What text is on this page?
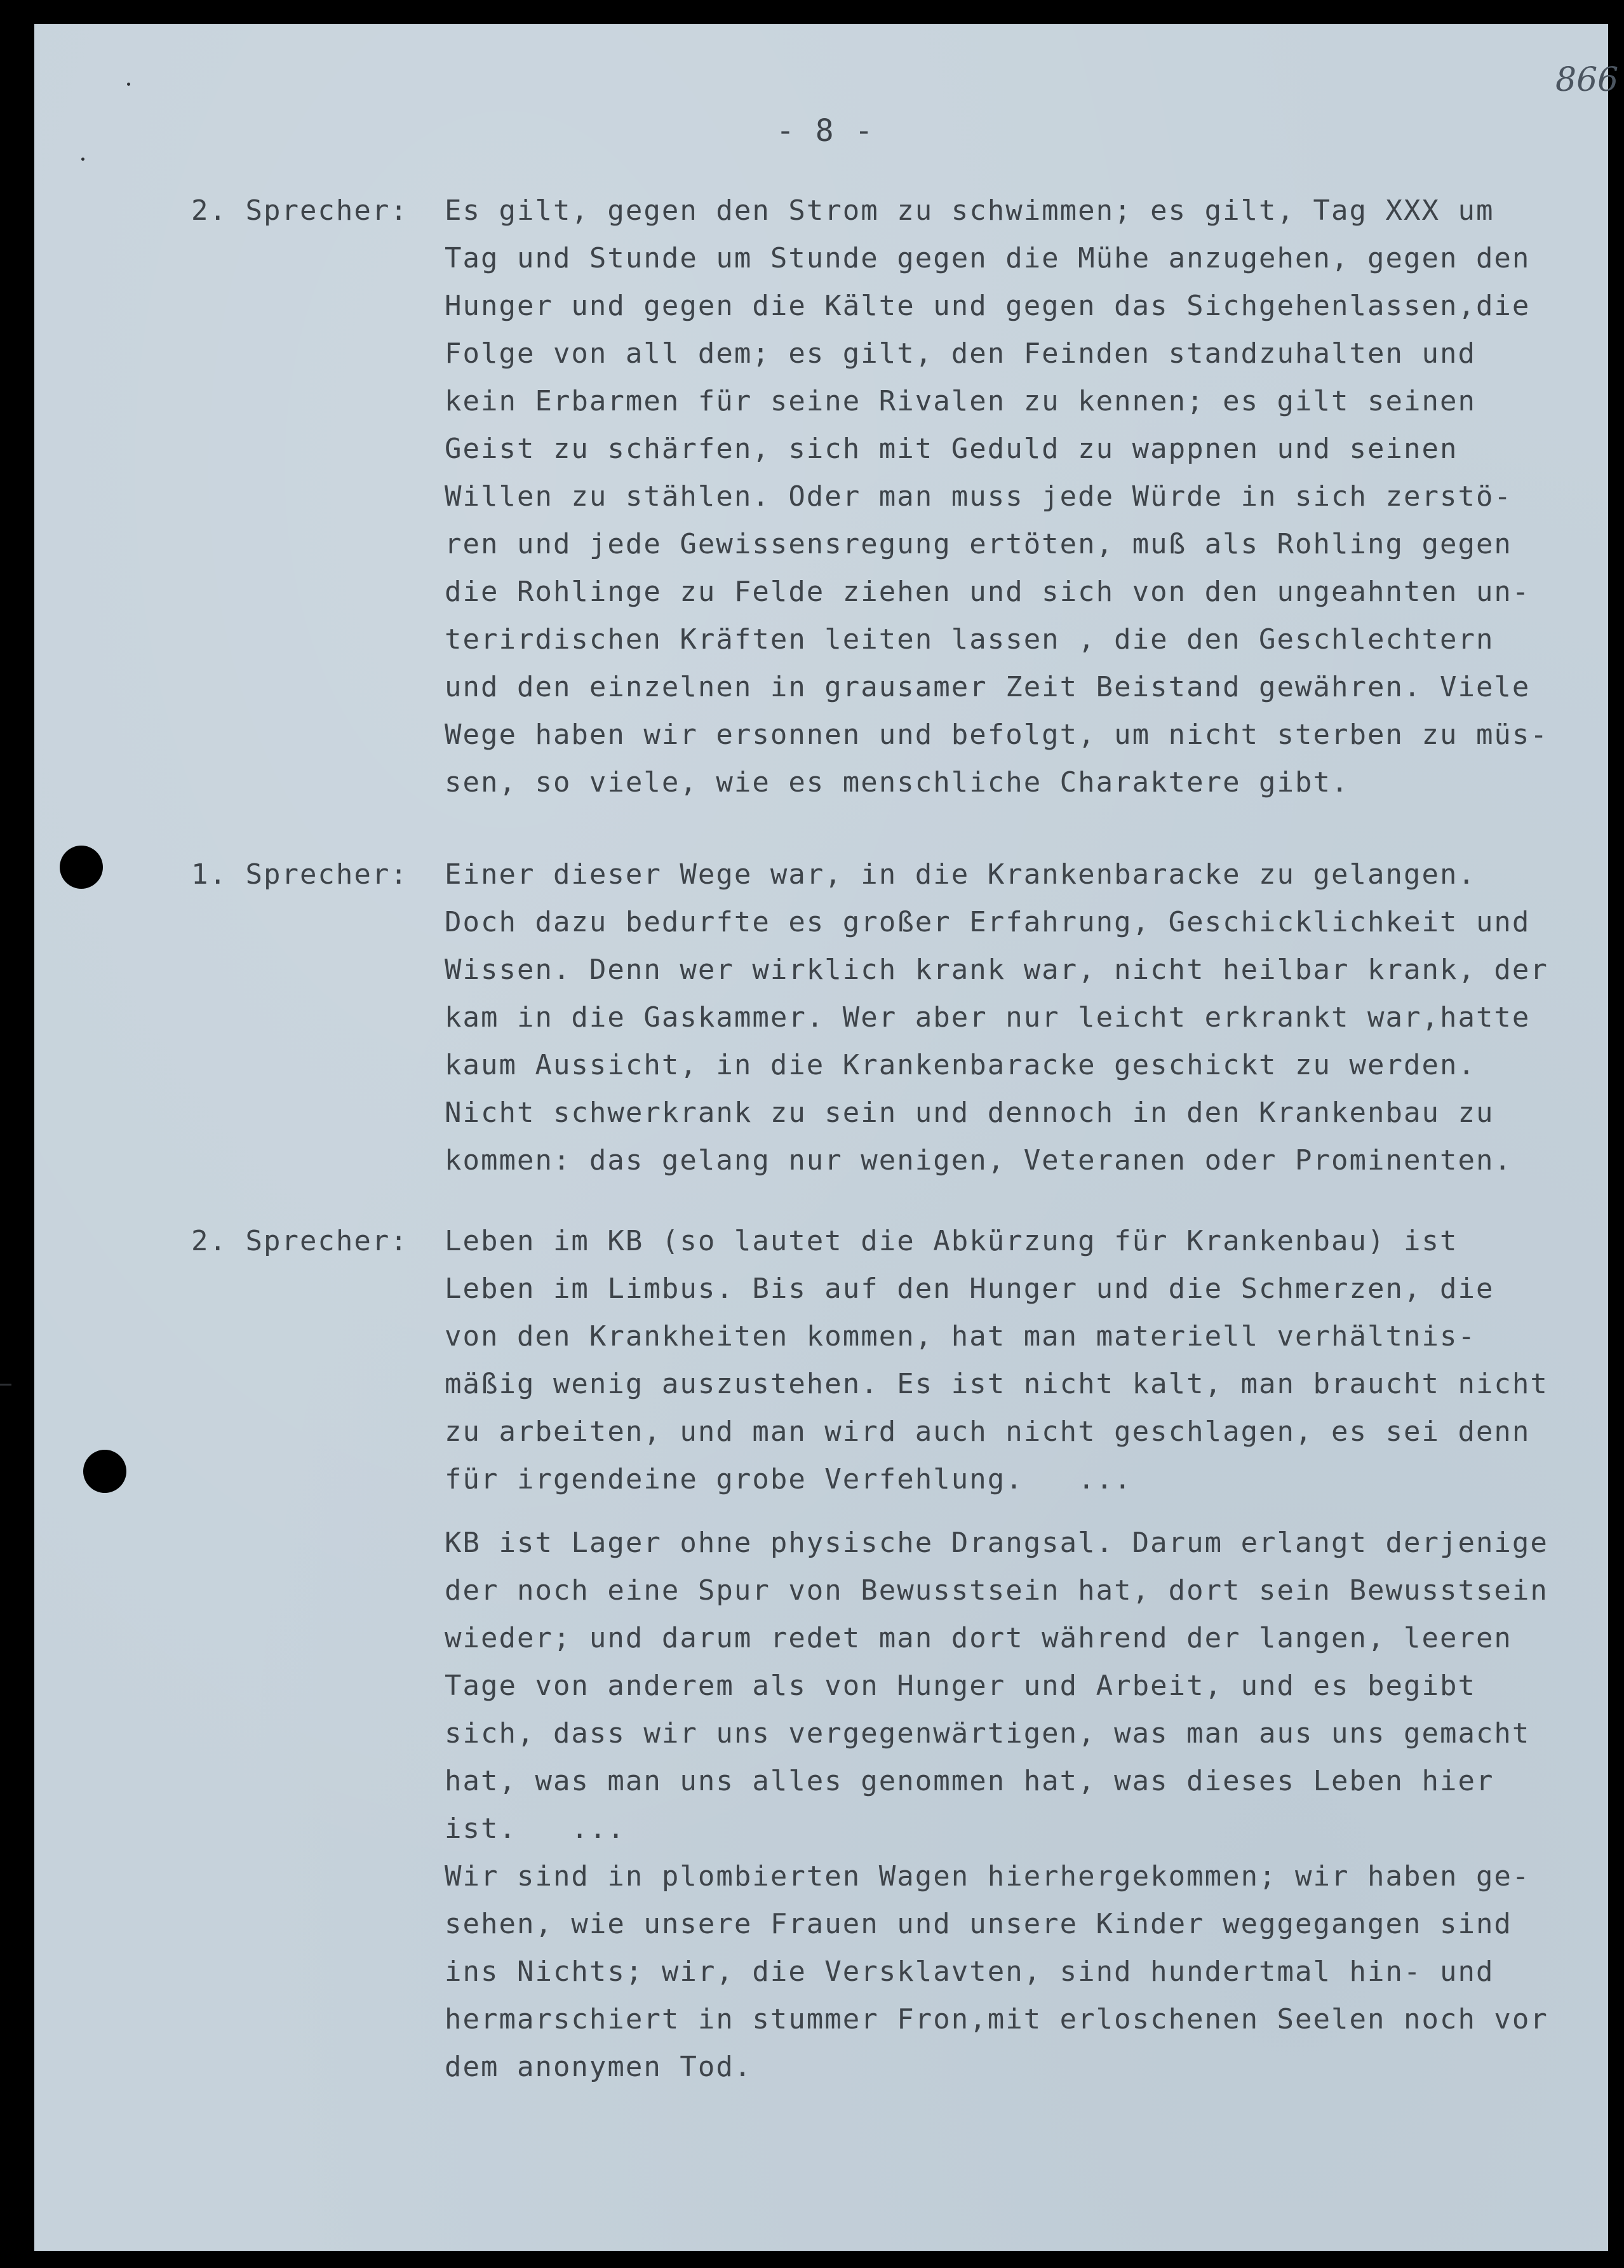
866
- 8 -
2. Sprecher: Es gilt, gegen den Strom zu schwimmen; es gilt, Tag XXX um
Tag und Stunde um Stunde gegen die Mühe anzugehen, gegen den
Hunger und gegen die Kälte und gegen das Sichgehenlassen,die
Folge von all dem; es gilt, den Feinden standzuhalten und
kein Erbarmen für seine Rivalen zu kennen; es gilt seinen
Geist zu schärfen, sich mit Geduld zu wappnen und seinen
Willen zu stählen. Oder man muss jede Würde in sich zerstö-
ren und jede Gewissensregung ertöten, muß als Rohling gegen
die Rohlinge zu Felde ziehen und sich von den ungeahnten un-
terirdischen Kräften leiten lassen , die den Geschlechtern
und den einzelnen in grausamer Zeit Beistand gewähren. Viele
Wege haben wir ersonnen und befolgt, um nicht sterben zu müs-
sen, so viele, wie es menschliche Charaktere gibt.
1. Sprecher: Einer dieser Wege war, in die Krankenbaracke zu gelangen.
Doch dazu bedurfte es großer Erfahrung, Geschicklichkeit und
Wissen. Denn wer wirklich krank war, nicht heilbar krank, der
kam in die Gaskammer. Wer aber nur leicht erkrankt war,hatte
kaum Aussicht, in die Krankenbaracke geschickt zu werden.
Nicht schwerkrank zu sein und dennoch in den Krankenbau zu
kommen: das gelang nur wenigen, Veteranen oder Prominenten.
2. Sprecher: Leben im KB (so lautet die Abkürzung für Krankenbau) ist
Leben im Limbus. Bis auf den Hunger und die Schmerzen, die
von den Krankheiten kommen, hat man materiell verhältnis-
mäßig wenig auszustehen. Es ist nicht kalt, man braucht nicht
zu arbeiten, und man wird auch nicht geschlagen, es sei denn
für irgendeine grobe Verfehlung.   ...
KB ist Lager ohne physische Drangsal. Darum erlangt derjenige
der noch eine Spur von Bewusstsein hat, dort sein Bewusstsein
wieder; und darum redet man dort während der langen, leeren
Tage von anderem als von Hunger und Arbeit, und es begibt
sich, dass wir uns vergegenwärtigen, was man aus uns gemacht
hat, was man uns alles genommen hat, was dieses Leben hier
ist.   ...
Wir sind in plombierten Wagen hierhergekommen; wir haben ge-
sehen, wie unsere Frauen und unsere Kinder weggegangen sind
ins Nichts; wir, die Versklavten, sind hundertmal hin- und
hermarschiert in stummer Fron,mit erloschenen Seelen noch vor
dem anonymen Tod.
